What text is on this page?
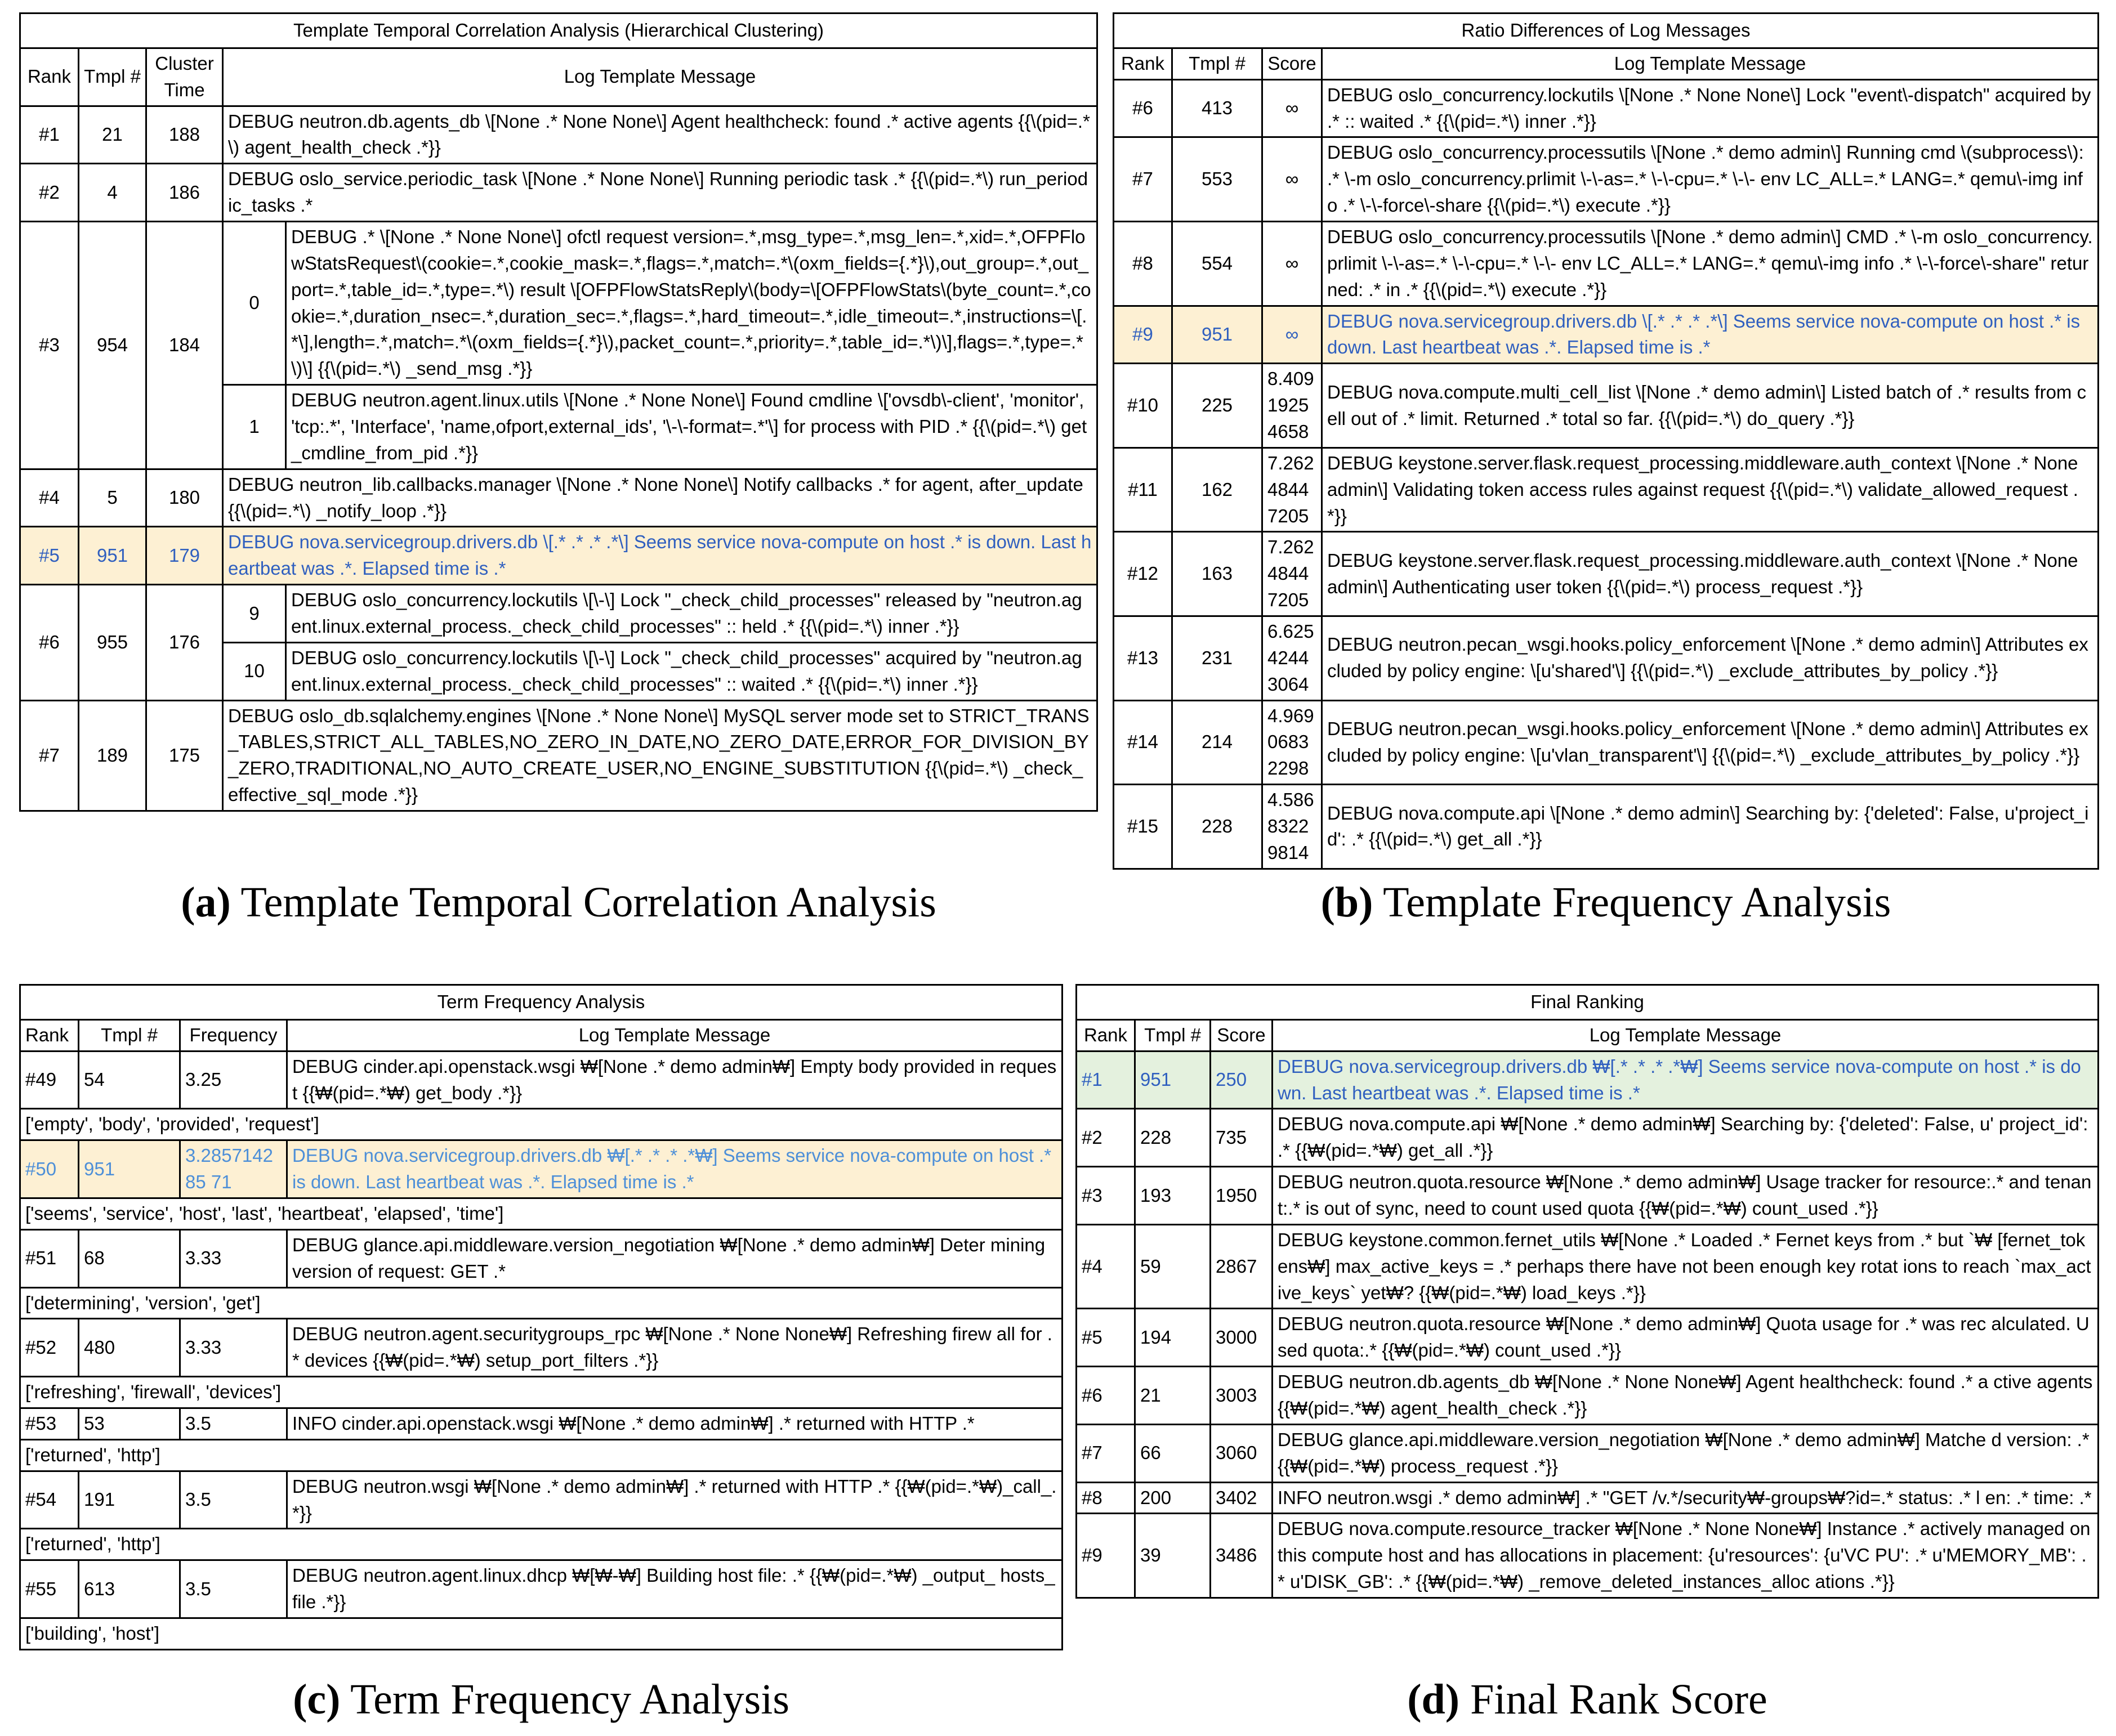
Template Temporal Correlation Analysis (Hierarchical Clustering)				
Rank	Tmpl #	Cluster Time	Log Template Message	
#1	21	188	DEBUG neutron.db.agents_db \[None .* None None\] Agent healthcheck: found .* active agents {{\(pid=.*\) agent_health_check .*}}	
#2	4	186	DEBUG oslo_service.periodic_task \[None .* None None\] Running periodic task .* {{\(pid=.*\) run_periodic_tasks .*	
#3	954	184	0	DEBUG .* \[None .* None None\] ofctl request version=.*,msg_type=.*,msg_len=.*,xid=.*,OFPFlowStatsRequest\(cookie=.*,cookie_mask=.*,flags=.*,match=.*\(oxm_fields={.*}\),out_group=.*,out_port=.*,table_id=.*,type=.*\) result \[OFPFlowStatsReply\(body=\[OFPFlowStats\(byte_count=.*,cookie=.*,duration_nsec=.*,duration_sec=.*,flags=.*,hard_timeout=.*,idle_timeout=.*,instructions=\[.*\],length=.*,match=.*\(oxm_fields={.*}\),packet_count=.*,priority=.*,table_id=.*\)\],flags=.*,type=.*\)\] {{\(pid=.*\) _send_msg .*}}
			1	DEBUG neutron.agent.linux.utils \[None .* None None\] Found cmdline \['ovsdb\-client', 'monitor', 'tcp:.*', 'Interface', 'name,ofport,external_ids', '\-\-format=.*'\] for process with PID .* {{\(pid=.*\) get_cmdline_from_pid .*}}
#4	5	180	DEBUG neutron_lib.callbacks.manager \[None .* None None\] Notify callbacks .* for agent, after_update {{\(pid=.*\) _notify_loop .*}}	
#5	951	179	DEBUG nova.servicegroup.drivers.db \[.* .* .* .*\] Seems service nova-compute on host .* is down. Last heartbeat was .*. Elapsed time is .*	
#6	955	176	9	DEBUG oslo_concurrency.lockutils \[\-\] Lock "_check_child_processes" released by "neutron.agent.linux.external_process._check_child_processes" :: held .* {{\(pid=.*\) inner .*}}
			10	DEBUG oslo_concurrency.lockutils \[\-\] Lock "_check_child_processes" acquired by "neutron.agent.linux.external_process._check_child_processes" :: waited .* {{\(pid=.*\) inner .*}}
#7	189	175	DEBUG oslo_db.sqlalchemy.engines \[None .* None None\] MySQL server mode set to STRICT_TRANS_TABLES,STRICT_ALL_TABLES,NO_ZERO_IN_DATE,NO_ZERO_DATE,ERROR_FOR_DIVISION_BY_ZERO,TRADITIONAL,NO_AUTO_CREATE_USER,NO_ENGINE_SUBSTITUTION {{\(pid=.*\) _check_effective_sql_mode .*}}	
(a) Template Temporal Correlation Analysis
Ratio Differences of Log Messages			
Rank	Tmpl #	Score	Log Template Message
#6	413	∞	DEBUG oslo_concurrency.lockutils \[None .* None None\] Lock "event\-dispatch" acquired by .* :: waited .* {{\(pid=.*\) inner .*}}
#7	553	∞	DEBUG oslo_concurrency.processutils \[None .* demo admin\] Running cmd \(subprocess\): .* \-m oslo_concurrency.prlimit \-\-as=.* \-\-cpu=.* \-\- env LC_ALL=.* LANG=.* qemu\-img info .* \-\-force\-share {{\(pid=.*\) execute .*}}
#8	554	∞	DEBUG oslo_concurrency.processutils \[None .* demo admin\] CMD .* \-m oslo_concurrency.prlimit \-\-as=.* \-\-cpu=.* \-\- env LC_ALL=.* LANG=.* qemu\-img info .* \-\-force\-share" returned: .* in .* {{\(pid=.*\) execute .*}}
#9	951	∞	DEBUG nova.servicegroup.drivers.db \[.* .* .* .*\] Seems service nova-compute on host .* is down. Last heartbeat was .*. Elapsed time is .*
#10	225	8.40919254658	DEBUG nova.compute.multi_cell_list \[None .* demo admin\] Listed batch of .* results from cell out of .* limit. Returned .* total so far. {{\(pid=.*\) do_query .*}}
#11	162	7.26248447205	DEBUG keystone.server.flask.request_processing.middleware.auth_context \[None .* None admin\] Validating token access rules against request {{\(pid=.*\) validate_allowed_request .*}}
#12	163	7.26248447205	DEBUG keystone.server.flask.request_processing.middleware.auth_context \[None .* None admin\] Authenticating user token {{\(pid=.*\) process_request .*}}
#13	231	6.62542443064	DEBUG neutron.pecan_wsgi.hooks.policy_enforcement \[None .* demo admin\] Attributes excluded by policy engine: \[u'shared'\] {{\(pid=.*\) _exclude_attributes_by_policy .*}}
#14	214	4.96906832298	DEBUG neutron.pecan_wsgi.hooks.policy_enforcement \[None .* demo admin\] Attributes excluded by policy engine: \[u'vlan_transparent'\] {{\(pid=.*\) _exclude_attributes_by_policy .*}}
#15	228	4.58683229814	DEBUG nova.compute.api \[None .* demo admin\] Searching by: {'deleted': False, u'project_id': .* {{\(pid=.*\) get_all .*}}
(b) Template Frequency Analysis
Term Frequency Analysis			
Rank	Tmpl #	Frequency	Log Template Message
#49	54	3.25	DEBUG cinder.api.openstack.wsgi ₩[None .* demo admin₩] Empty body provided in request {{₩(pid=.*₩) get_body .*}}
['empty', 'body', 'provided', 'request']			
#50	951	3.285714285 71	DEBUG nova.servicegroup.drivers.db ₩[.* .* .* .*₩] Seems service nova-compute on host .* is down. Last heartbeat was .*. Elapsed time is .*
['seems', 'service', 'host', 'last', 'heartbeat', 'elapsed', 'time']			
#51	68	3.33	DEBUG glance.api.middleware.version_negotiation ₩[None .* demo admin₩] Deter mining version of request: GET .*
['determining', 'version', 'get']			
#52	480	3.33	DEBUG neutron.agent.securitygroups_rpc ₩[None .* None None₩] Refreshing firew all for .* devices {{₩(pid=.*₩) setup_port_filters .*}}
['refreshing', 'firewall', 'devices']			
#53	53	3.5	INFO cinder.api.openstack.wsgi ₩[None .* demo admin₩] .* returned with HTTP .*
['returned', 'http']			
#54	191	3.5	DEBUG neutron.wsgi ₩[None .* demo admin₩] .* returned with HTTP .* {{₩(pid=.*₩)_call_.*}}
['returned', 'http']			
#55	613	3.5	DEBUG neutron.agent.linux.dhcp ₩[₩-₩] Building host file: .* {{₩(pid=.*₩) _output_ hosts_file .*}}
['building', 'host']			
(c) Term Frequency Analysis
Final Ranking			
Rank	Tmpl #	Score	Log Template Message
#1	951	250	DEBUG nova.servicegroup.drivers.db ₩[.* .* .* .*₩] Seems service nova-compute on host .* is down. Last heartbeat was .*. Elapsed time is .*
#2	228	735	DEBUG nova.compute.api ₩[None .* demo admin₩] Searching by: {'deleted': False, u' project_id': .* {{₩(pid=.*₩) get_all .*}}
#3	193	1950	DEBUG neutron.quota.resource ₩[None .* demo admin₩] Usage tracker for resource:.* and tenant:.* is out of sync, need to count used quota {{₩(pid=.*₩) count_used .*}}
#4	59	2867	DEBUG keystone.common.fernet_utils ₩[None .* Loaded .* Fernet keys from .* but `₩ [fernet_tokens₩] max_active_keys = .* perhaps there have not been enough key rotat ions to reach `max_active_keys` yet₩? {{₩(pid=.*₩) load_keys .*}}
#5	194	3000	DEBUG neutron.quota.resource ₩[None .* demo admin₩] Quota usage for .* was rec alculated. Used quota:.* {{₩(pid=.*₩) count_used .*}}
#6	21	3003	DEBUG neutron.db.agents_db ₩[None .* None None₩] Agent healthcheck: found .* a ctive agents {{₩(pid=.*₩) agent_health_check .*}}
#7	66	3060	DEBUG glance.api.middleware.version_negotiation ₩[None .* demo admin₩] Matche d version: .* {{₩(pid=.*₩) process_request .*}}
#8	200	3402	INFO neutron.wsgi .* demo admin₩] .* "GET /v.*/security₩-groups₩?id=.* status: .* l en: .* time: .*
#9	39	3486	DEBUG nova.compute.resource_tracker ₩[None .* None None₩] Instance .* actively managed on this compute host and has allocations in placement: {u'resources': {u'VC PU': .* u'MEMORY_MB': .* u'DISK_GB': .* {{₩(pid=.*₩) _remove_deleted_instances_alloc ations .*}}
(d) Final Rank Score
